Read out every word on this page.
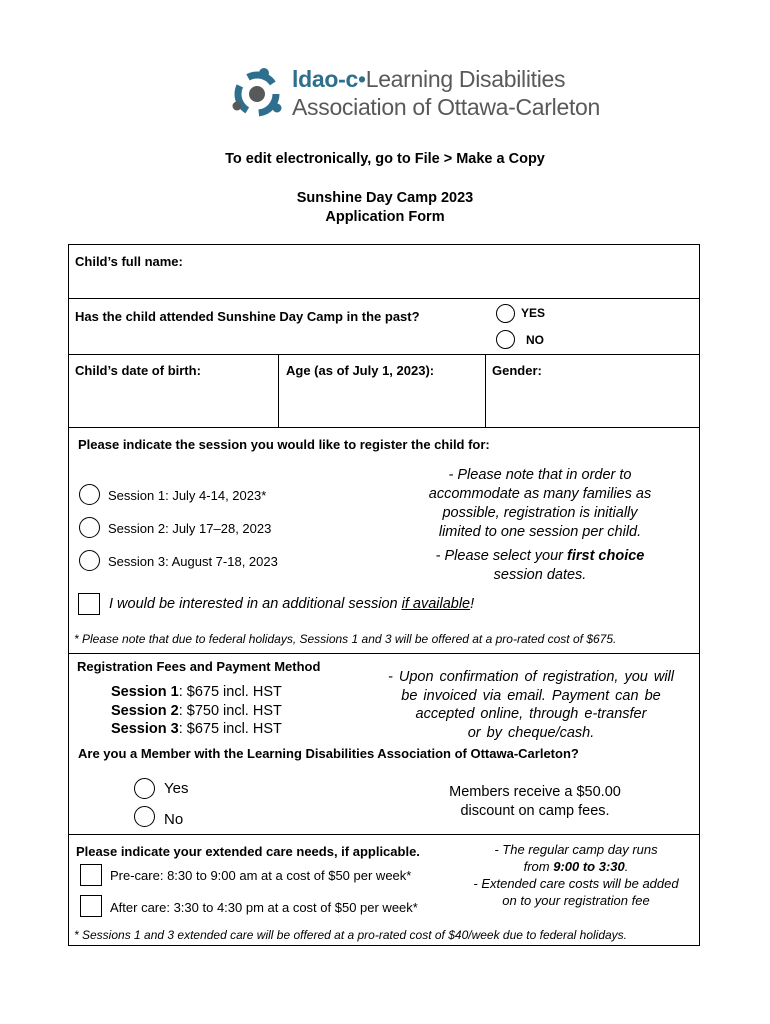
ldao-c•Learning Disabilities
Association of Ottawa-Carleton
To edit electronically, go to File > Make a Copy
Sunshine Day Camp 2023
Application Form
Child’s full name:
Has the child attended Sunshine Day Camp in the past?	YES
NO
Child’s date of birth:	Age (as of July 1, 2023):	Gender:
Please indicate the session you would like to register the child for:
Session 1: July 4-14, 2023*
Session 2: July 17–28, 2023
Session 3: August 7-18, 2023
- Please note that in order to
accommodate as many families as
possible, registration is initially
limited to one session per child.
- Please select your first choice
session dates.
I would be interested in an additional session if available!
* Please note that due to federal holidays, Sessions 1 and 3 will be offered at a pro-rated cost of $675.
Registration Fees and Payment Method
Session 1: $675 incl. HST
Session 2: $750 incl. HST
Session 3: $675 incl. HST
- Upon confirmation of registration, you will
be invoiced via email. Payment can be
accepted online, through e-transfer
or by cheque/cash.
Are you a Member with the Learning Disabilities Association of Ottawa-Carleton?
Yes
No
Members receive a $50.00
discount on camp fees.
Please indicate your extended care needs, if applicable.
Pre-care: 8:30 to 9:00 am at a cost of $50 per week*
After care: 3:30 to 4:30 pm at a cost of $50 per week*
- The regular camp day runs
from 9:00 to 3:30.
- Extended care costs will be added
on to your registration fee
* Sessions 1 and 3 extended care will be offered at a pro-rated cost of $40/week due to federal holidays.
